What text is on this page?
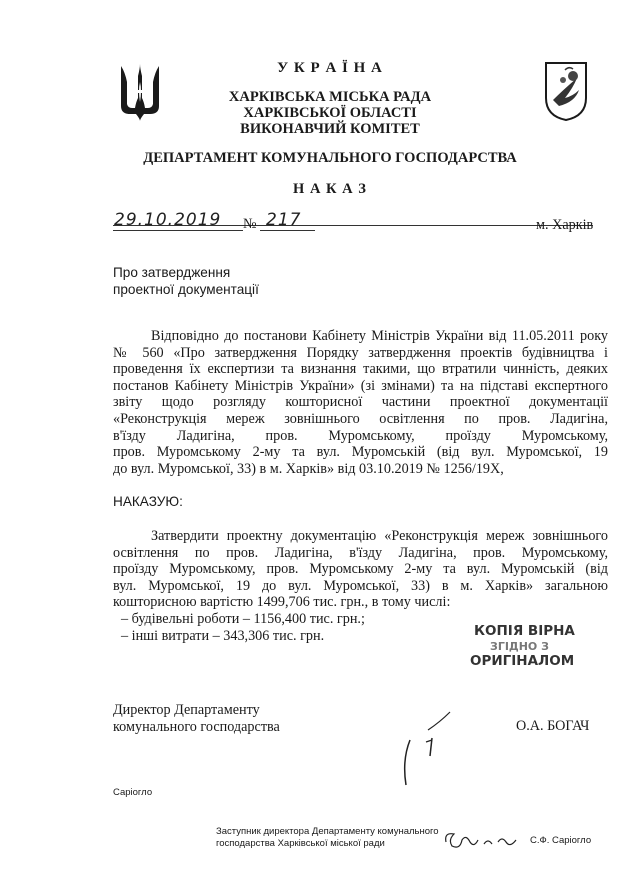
У К Р А Ї Н А
ХАРКІВСЬКА МІСЬКА РАДА
ХАРКІВСЬКОЇ ОБЛАСТІ
ВИКОНАВЧИЙ КОМІТЕТ
ДЕПАРТАМЕНТ КОМУНАЛЬНОГО ГОСПОДАРСТВА
Н А К А З
29.10.2019 № 217	м. Харків
Про затвердження
проектної документації
Відповідно до постанови Кабінету Міністрів України від 11.05.2011 року
№ 560 «Про затвердження Порядку затвердження проектів будівництва і
проведення їх експертизи та визнання такими, що втратили чинність, деяких
постанов Кабінету Міністрів України» (зі змінами) та на підставі експертного
звіту щодо розгляду кошторисної частини проектної документації
«Реконструкція мереж зовнішнього освітлення по пров. Ладигіна,
в'їзду Ладигіна, пров. Муромському, проїзду Муромському,
пров. Муромському 2-му та вул. Муромській (від вул. Муромської, 19
до вул. Муромської, 33) в м. Харків» від 03.10.2019 № 1256/19Х,
НАКАЗУЮ:
Затвердити проектну документацію «Реконструкція мереж зовнішнього
освітлення по пров. Ладигіна, в'їзду Ладигіна, пров. Муромському,
проїзду Муромському, пров. Муромському 2-му та вул. Муромській (від
вул. Муромської, 19 до вул. Муромської, 33) в м. Харків» загальною
кошторисною вартістю 1499,706 тис. грн., в тому числі:
– будівельні роботи – 1156,400 тис. грн.;
– інші витрати – 343,306 тис. грн.	КОПІЯ ВІРНА
ЗГІДНО З
ОРИГІНАЛОМ
Директор Департаменту
комунального господарства	О.А. БОГАЧ
Саріогло
Заступник директора Департаменту комунального
господарства Харківської міської ради	С.Ф. Саріогло
